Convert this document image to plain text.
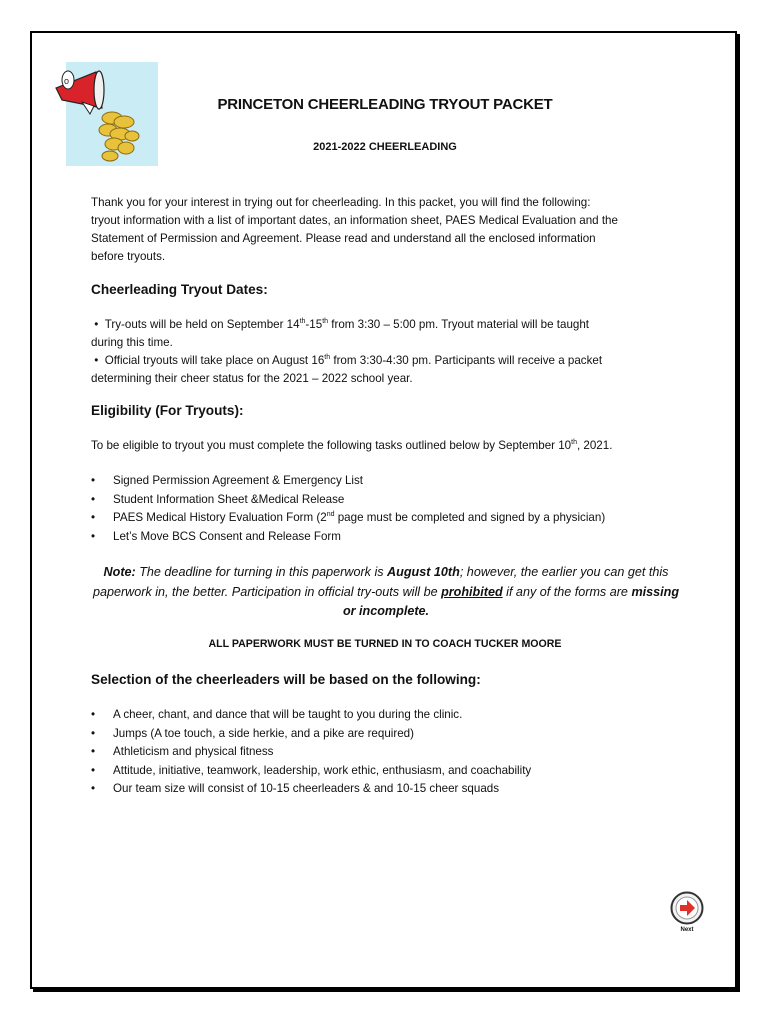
o
PRINCETON CHEERLEADING TRYOUT PACKET
2021-2022 CHEERLEADING
Thank you for your interest in trying out for cheerleading. In this packet, you will find the following:
tryout information with a list of important dates, an information sheet, PAES Medical Evaluation and the
Statement of Permission and Agreement. Please read and understand all the enclosed information
before tryouts.
Cheerleading Tryout Dates:
•  Try-outs will be held on September 14th-15th from 3:30 – 5:00 pm. Tryout material will be taught
during this time.
•  Official tryouts will take place on August 16th from 3:30-4:30 pm. Participants will receive a packet
determining their cheer status for the 2021 – 2022 school year.
Eligibility (For Tryouts):
To be eligible to tryout you must complete the following tasks outlined below by September 10th, 2021.
• Signed Permission Agreement & Emergency List
• Student Information Sheet &Medical Release
• PAES Medical History Evaluation Form (2nd page must be completed and signed by a physician)
• Let’s Move BCS Consent and Release Form
Note: The deadline for turning in this paperwork is August 10th; however, the earlier you can get this paperwork in, the better. Participation in official try-outs will be prohibited if any of the forms are missing or incomplete.
ALL PAPERWORK MUST BE TURNED IN TO COACH TUCKER MOORE
Selection of the cheerleaders will be based on the following:
• A cheer, chant, and dance that will be taught to you during the clinic.
• Jumps (A toe touch, a side herkie, and a pike are required)
• Athleticism and physical fitness
• Attitude, initiative, teamwork, leadership, work ethic, enthusiasm, and coachability
• Our team size will consist of 10-15 cheerleaders & and 10-15 cheer squads
Next
